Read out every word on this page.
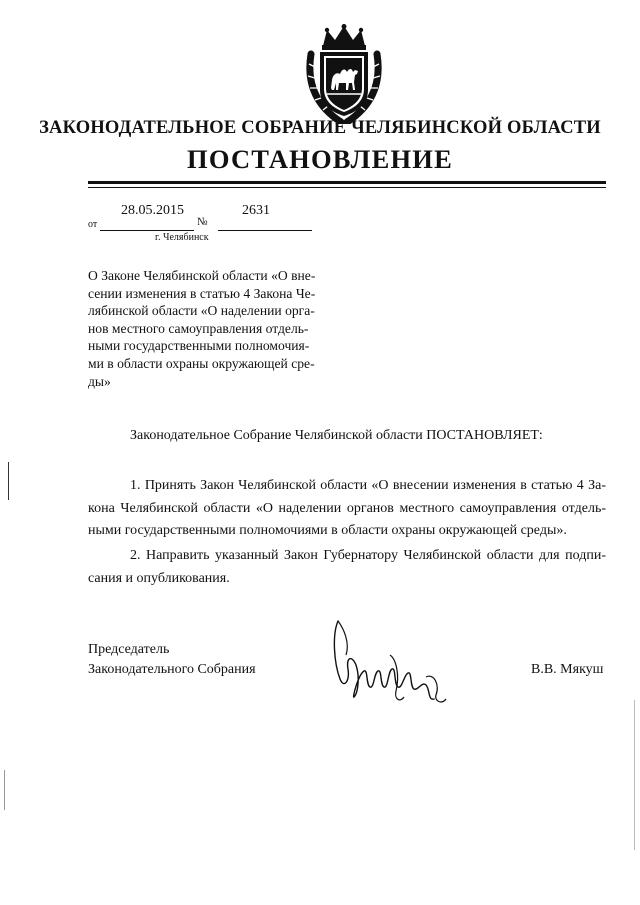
ЗАКОНОДАТЕЛЬНОЕ СОБРАНИЕ ЧЕЛЯБИНСКОЙ ОБЛАСТИ
ПОСТАНОВЛЕНИЕ
28.05.2015	2631
от	№
г. Челябинск
О Законе Челябинской области «О вне-
сении изменения в статью 4 Закона Че-
лябинской области «О наделении орга-
нов местного самоуправления отдель-
ными государственными полномочия-
ми в области охраны окружающей сре-
ды»
Законодательное Собрание Челябинской области ПОСТАНОВЛЯЕТ:
1. Принять Закон Челябинской области «О внесении изменения в статью 4 За-
кона Челябинской области «О наделении органов местного самоуправления отдель-
ными государственными полномочиями в области охраны окружающей среды».
2. Направить указанный Закон Губернатору Челябинской области для подпи-
сания и опубликования.
Председатель
Законодательного Собрания	В.В. Мякуш
